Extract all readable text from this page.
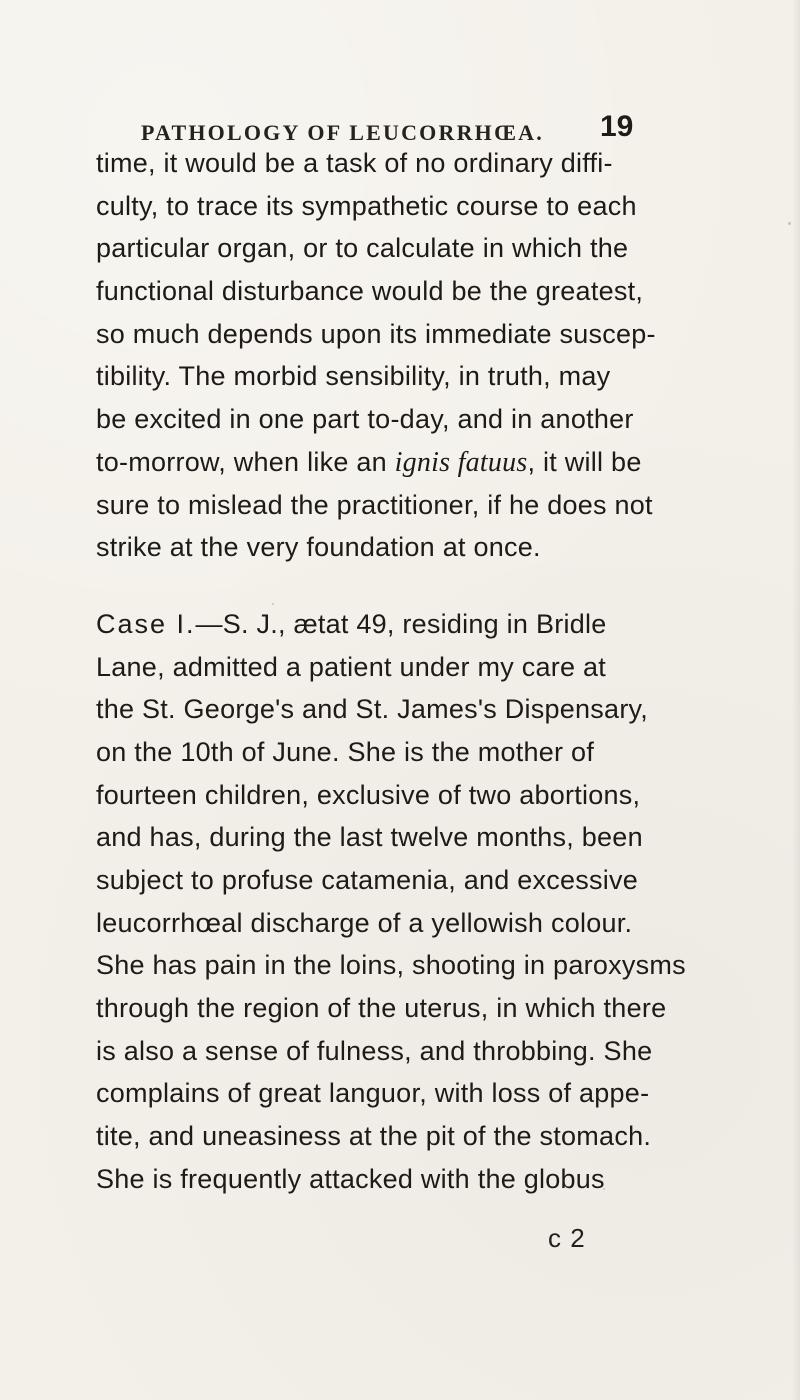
PATHOLOGY OF LEUCORRHŒA. 19
time, it would be a task of no ordinary diffi-
culty, to trace its sympathetic course to each
particular organ, or to calculate in which the
functional disturbance would be the greatest,
so much depends upon its immediate suscep-
tibility. The morbid sensibility, in truth, may
be excited in one part to-day, and in another
to-morrow, when like an ignis fatuus, it will be
sure to mislead the practitioner, if he does not
strike at the very foundation at once.
Case I.—S. J., ætat 49, residing in Bridle
Lane, admitted a patient under my care at
the St. George's and St. James's Dispensary,
on the 10th of June. She is the mother of
fourteen children, exclusive of two abortions,
and has, during the last twelve months, been
subject to profuse catamenia, and excessive
leucorrhœal discharge of a yellowish colour.
She has pain in the loins, shooting in paroxysms
through the region of the uterus, in which there
is also a sense of fulness, and throbbing. She
complains of great languor, with loss of appe-
tite, and uneasiness at the pit of the stomach.
She is frequently attacked with the globus
c 2
